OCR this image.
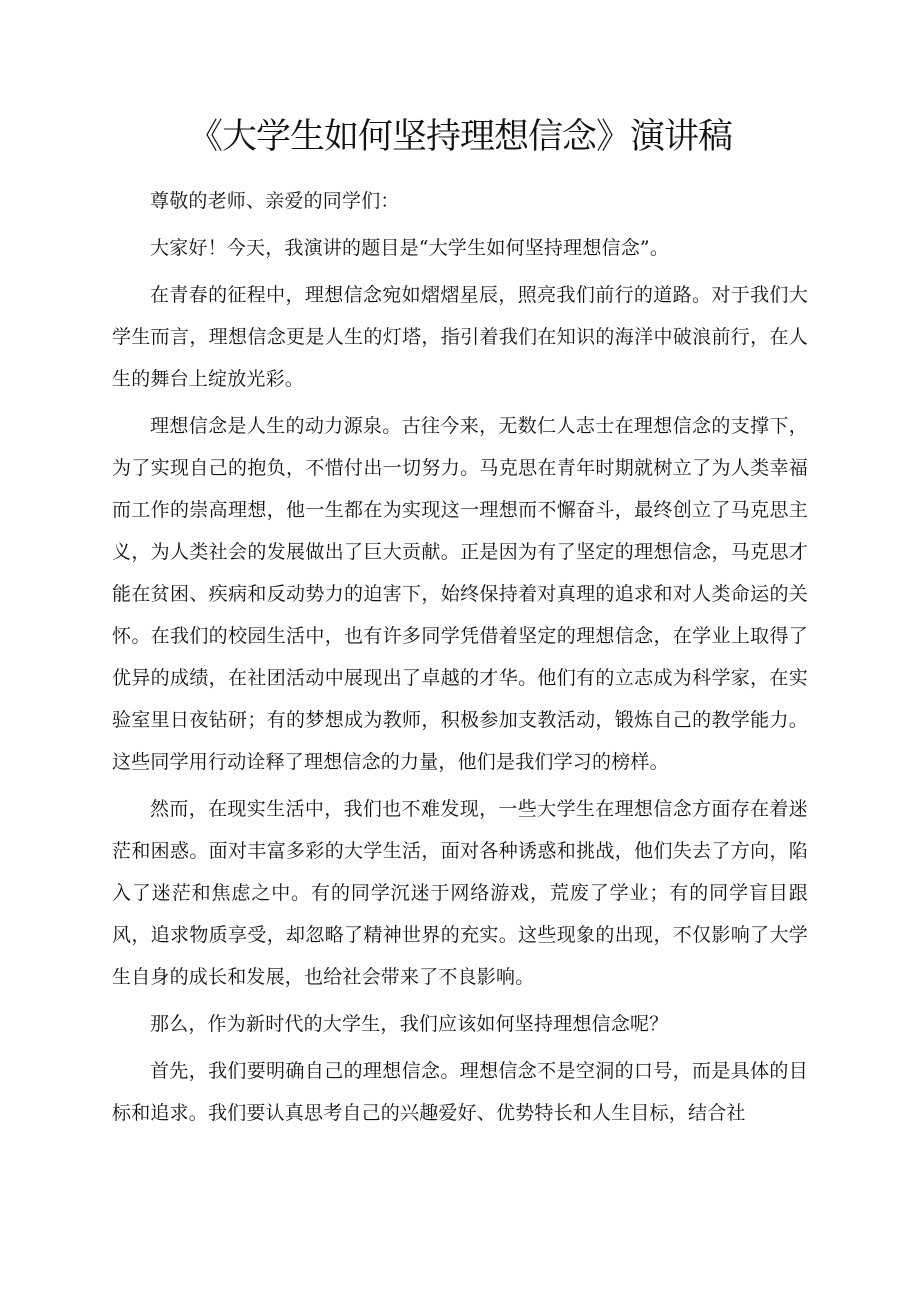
《大学生如何坚持理想信念》演讲稿

尊敬的老师、亲爱的同学们：

大家好！今天，我演讲的题目是“大学生如何坚持理想信念”。

在青春的征程中，理想信念宛如熠熠星辰，照亮我们前行的道路。对于我们大学生而言，理想信念更是人生的灯塔，指引着我们在知识的海洋中破浪前行，在人生的舞台上绽放光彩。

理想信念是人生的动力源泉。古往今来，无数仁人志士在理想信念的支撑下，为了实现自己的抱负，不惜付出一切努力。马克思在青年时期就树立了为人类幸福而工作的崇高理想，他一生都在为实现这一理想而不懈奋斗，最终创立了马克思主义，为人类社会的发展做出了巨大贡献。正是因为有了坚定的理想信念，马克思才能在贫困、疾病和反动势力的迫害下，始终保持着对真理的追求和对人类命运的关怀。在我们的校园生活中，也有许多同学凭借着坚定的理想信念，在学业上取得了优异的成绩，在社团活动中展现出了卓越的才华。他们有的立志成为科学家，在实验室里日夜钻研；有的梦想成为教师，积极参加支教活动，锻炼自己的教学能力。这些同学用行动诠释了理想信念的力量，他们是我们学习的榜样。

然而，在现实生活中，我们也不难发现，一些大学生在理想信念方面存在着迷茫和困惑。面对丰富多彩的大学生活，面对各种诱惑和挑战，他们失去了方向，陷入了迷茫和焦虑之中。有的同学沉迷于网络游戏，荒废了学业；有的同学盲目跟风，追求物质享受，却忽略了精神世界的充实。这些现象的出现，不仅影响了大学生自身的成长和发展，也给社会带来了不良影响。

那么，作为新时代的大学生，我们应该如何坚持理想信念呢？

首先，我们要明确自己的理想信念。理想信念不是空洞的口号，而是具体的目标和追求。我们要认真思考自己的兴趣爱好、优势特长和人生目标，结合社
